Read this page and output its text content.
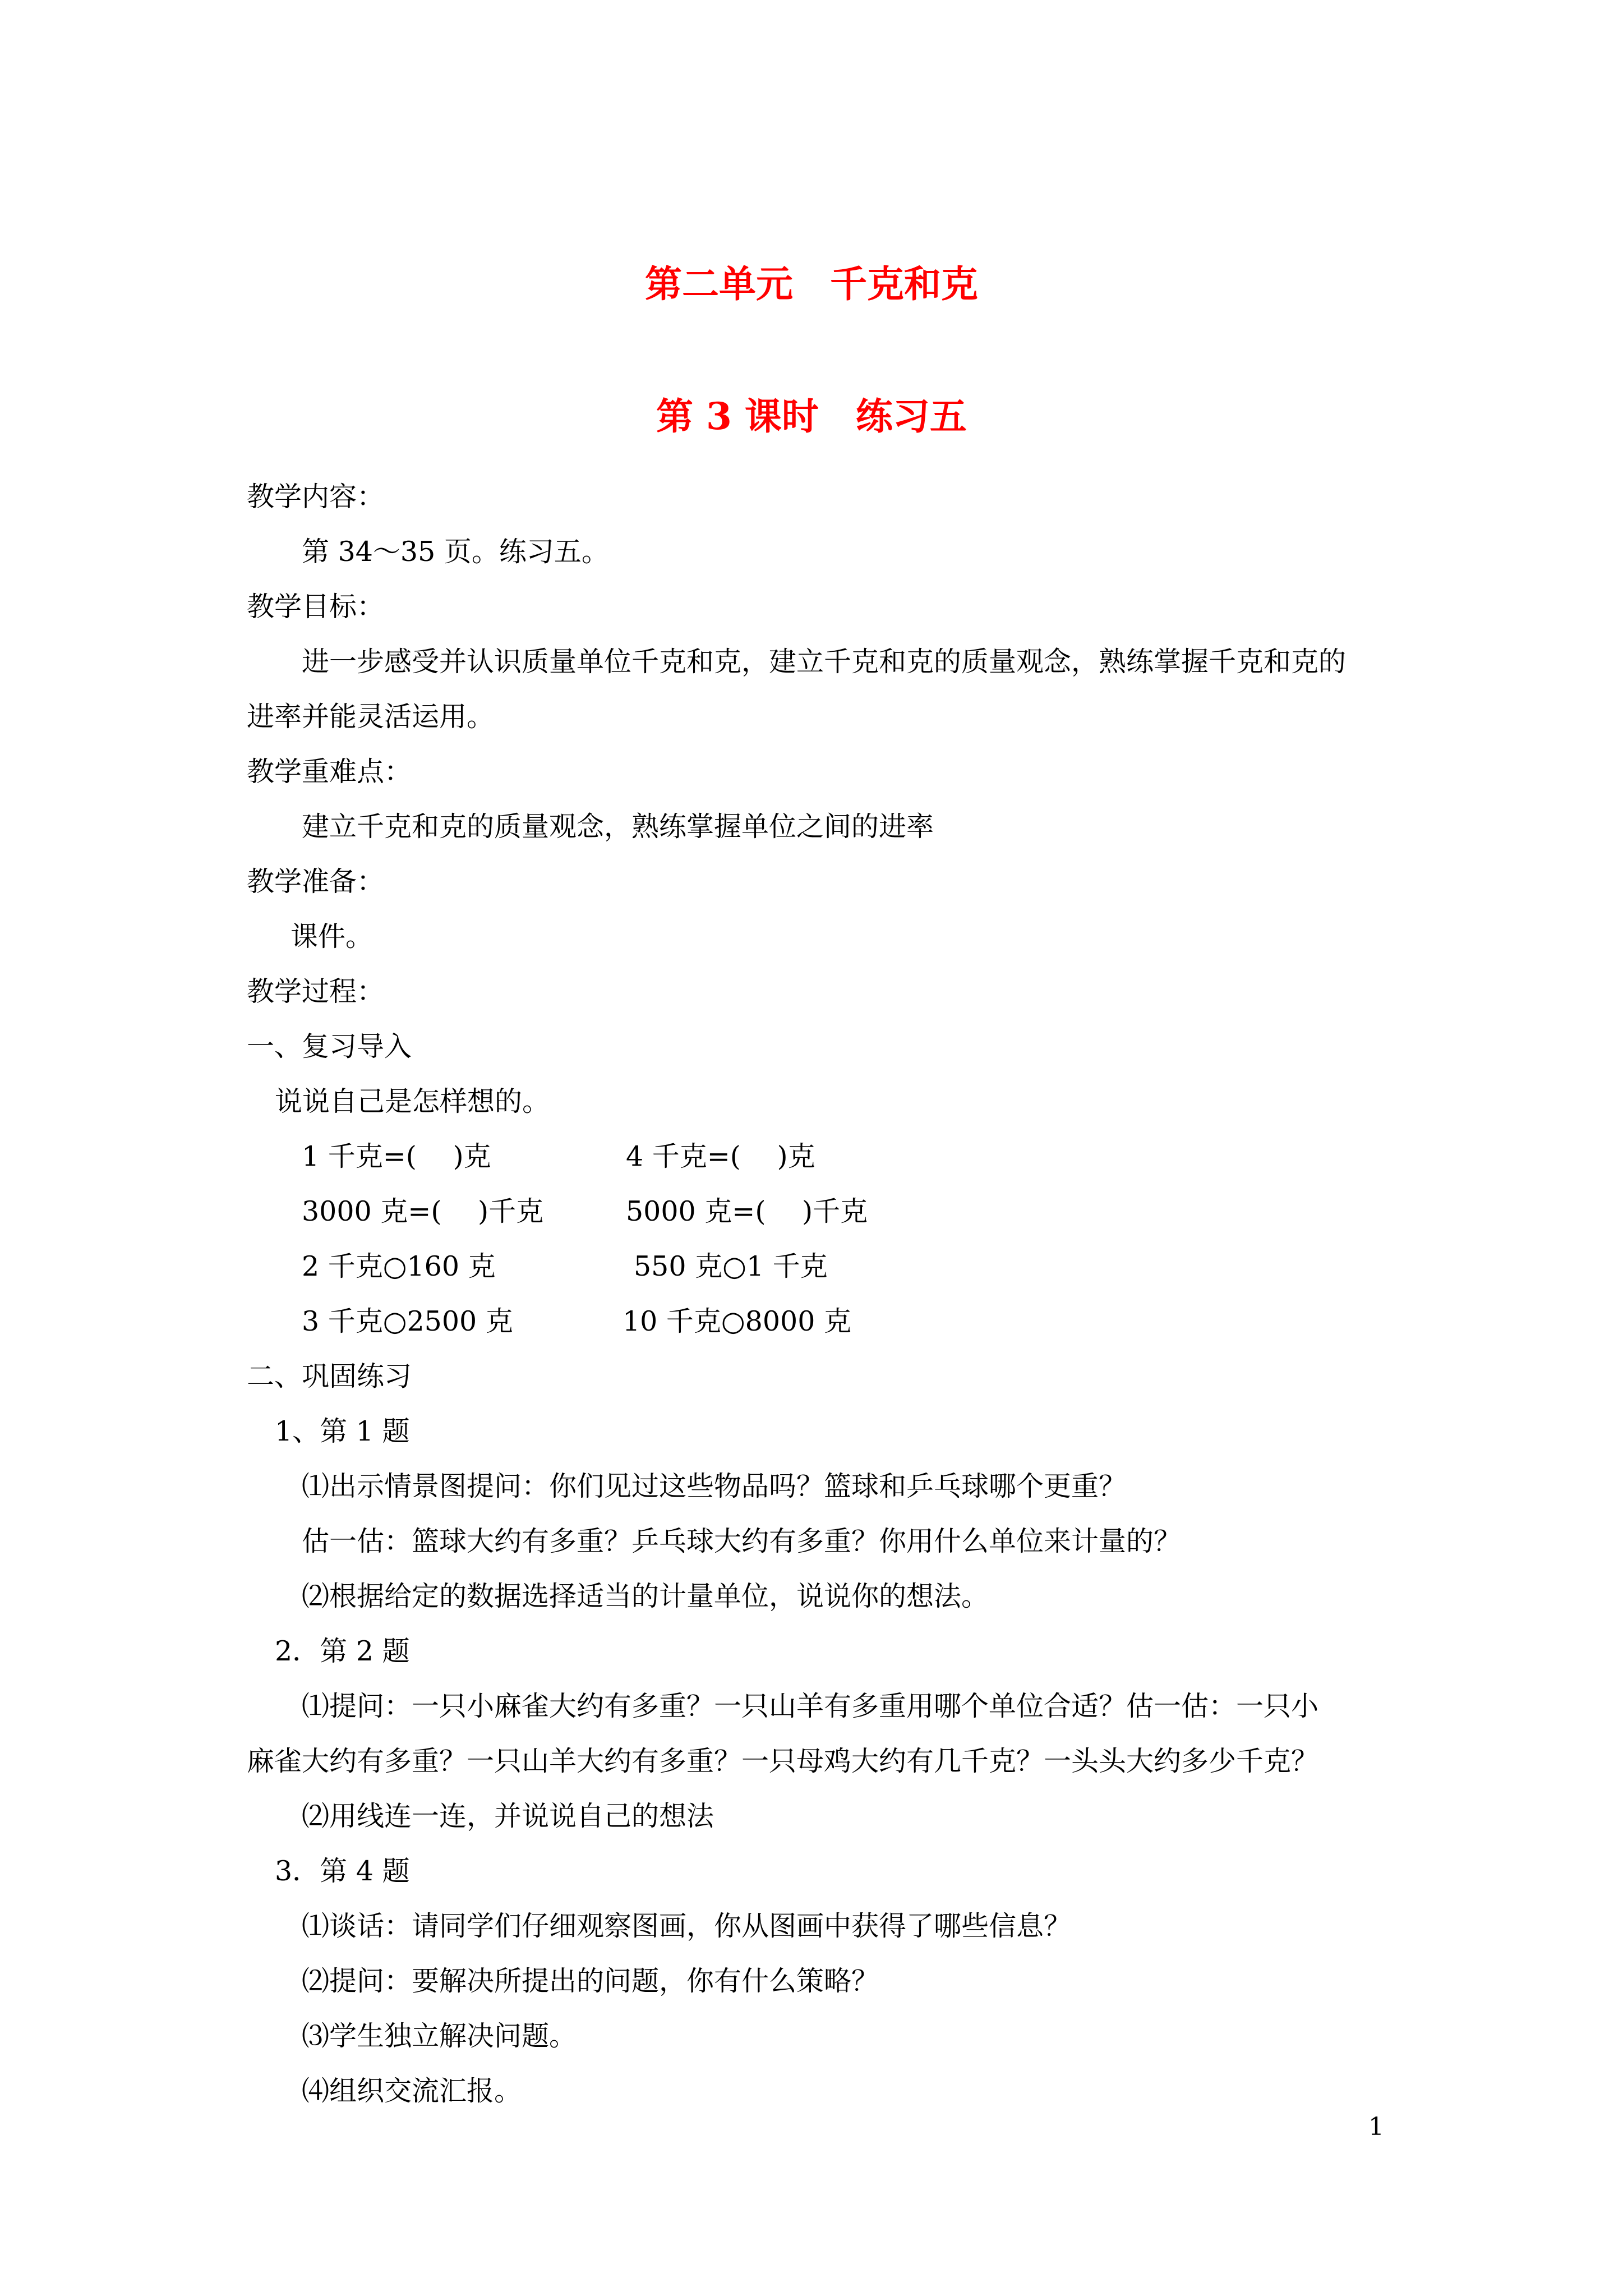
第二单元　千克和克
第 3 课时　练习五
教学内容：
第 34～35 页。练习五。
教学目标：
进一步感受并认识质量单位千克和克，建立千克和克的质量观念，熟练掌握千克和克的
进率并能灵活运用。
教学重难点：
建立千克和克的质量观念，熟练掌握单位之间的进率
教学准备：
课件。
教学过程：
一、复习导入
说说自己是怎样想的。
1 千克=(　 )克	4 千克=(　 )克
3000 克=(　 )千克	5000 克=(　 )千克
2 千克○160 克	550 克○1 千克
3 千克○2500 克	10 千克○8000 克
二、巩固练习
1、第 1 题
⑴出示情景图提问：你们见过这些物品吗？篮球和乒乓球哪个更重？
估一估：篮球大约有多重？乒乓球大约有多重？你用什么单位来计量的？
⑵根据给定的数据选择适当的计量单位，说说你的想法。
2．第 2 题
⑴提问：一只小麻雀大约有多重？一只山羊有多重用哪个单位合适？估一估：一只小
麻雀大约有多重？一只山羊大约有多重？一只母鸡大约有几千克？一头头大约多少千克？
⑵用线连一连，并说说自己的想法
3．第 4 题
⑴谈话：请同学们仔细观察图画，你从图画中获得了哪些信息？
⑵提问：要解决所提出的问题，你有什么策略？
⑶学生独立解决问题。
⑷组织交流汇报。
1
